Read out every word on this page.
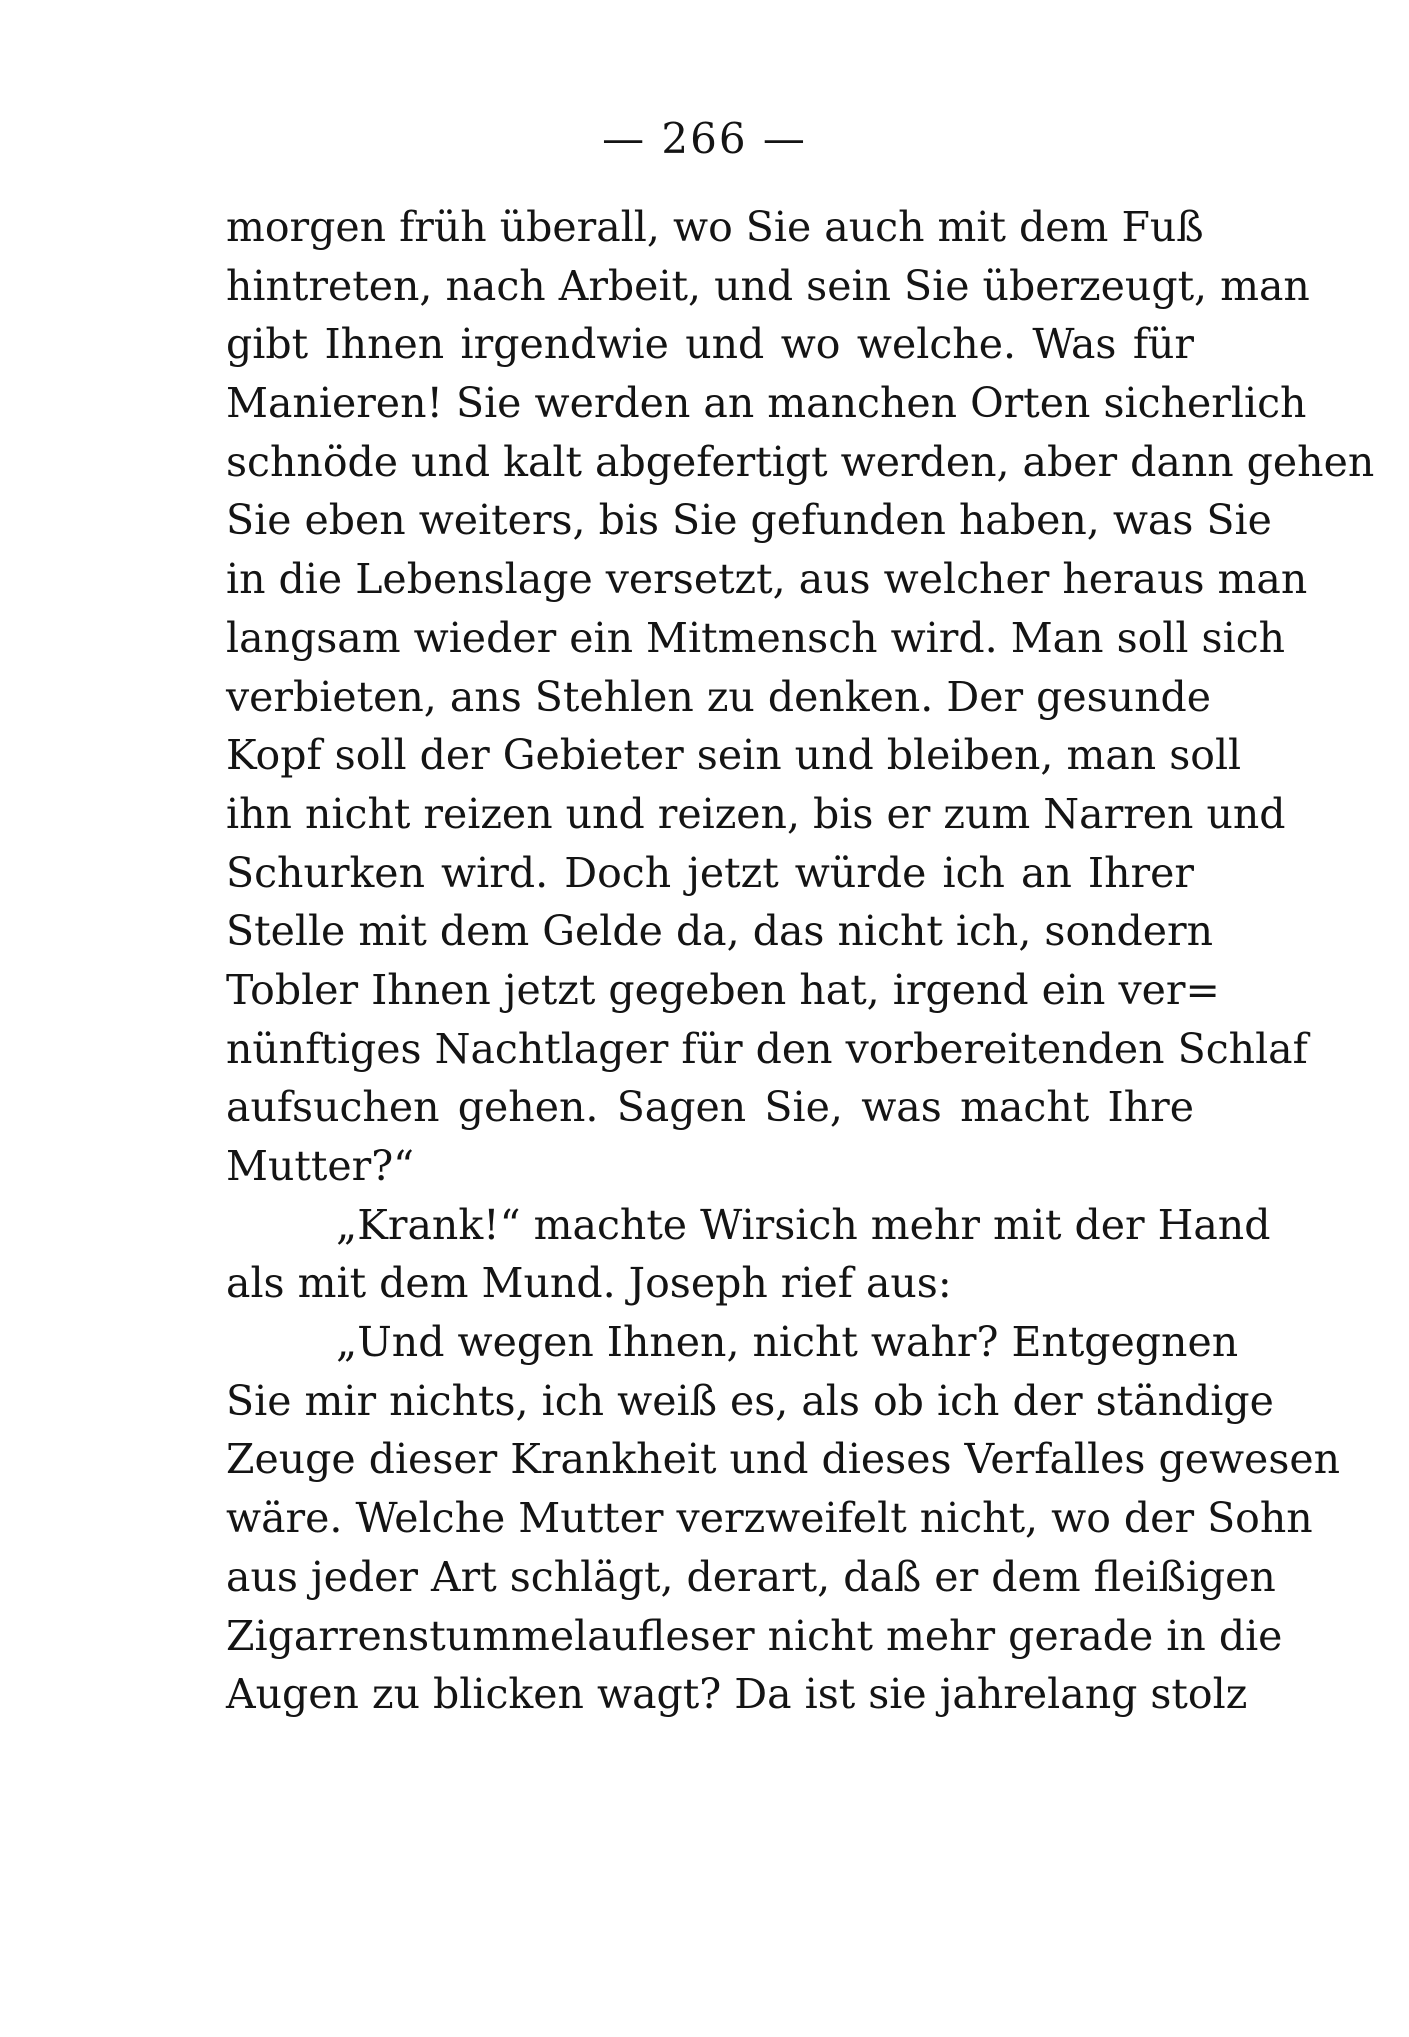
— 266 —
morgen früh überall, wo Sie auch mit dem Fuß
hintreten, nach Arbeit, und sein Sie überzeugt, man
gibt Ihnen irgendwie und wo welche. Was für
Manieren! Sie werden an manchen Orten sicherlich
schnöde und kalt abgefertigt werden, aber dann gehen
Sie eben weiters, bis Sie gefunden haben, was Sie
in die Lebenslage versetzt, aus welcher heraus man
langsam wieder ein Mitmensch wird. Man soll sich
verbieten, ans Stehlen zu denken. Der gesunde
Kopf soll der Gebieter sein und bleiben, man soll
ihn nicht reizen und reizen, bis er zum Narren und
Schurken wird. Doch jetzt würde ich an Ihrer
Stelle mit dem Gelde da, das nicht ich, sondern
Tobler Ihnen jetzt gegeben hat, irgend ein ver=
nünftiges Nachtlager für den vorbereitenden Schlaf
aufsuchen gehen. Sagen Sie, was macht Ihre
Mutter?“
„Krank!“ machte Wirsich mehr mit der Hand
als mit dem Mund. Joseph rief aus:
„Und wegen Ihnen, nicht wahr? Entgegnen
Sie mir nichts, ich weiß es, als ob ich der ständige
Zeuge dieser Krankheit und dieses Verfalles gewesen
wäre. Welche Mutter verzweifelt nicht, wo der Sohn
aus jeder Art schlägt, derart, daß er dem fleißigen
Zigarrenstummelaufleser nicht mehr gerade in die
Augen zu blicken wagt? Da ist sie jahrelang stolz
